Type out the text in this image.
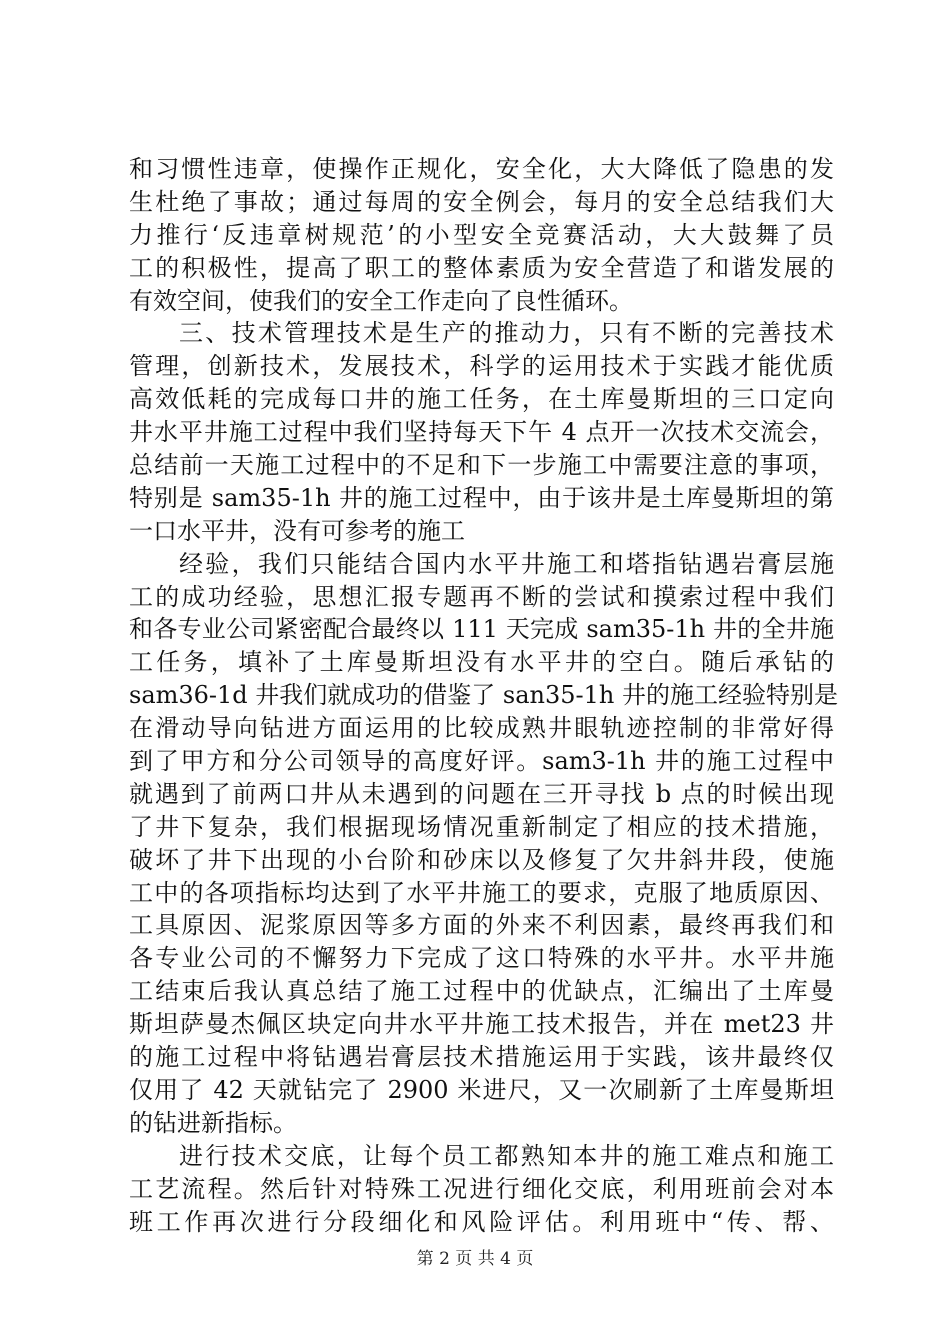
和习惯性违章，使操作正规化，安全化，大大降低了隐患的发
生杜绝了事故；通过每周的安全例会，每月的安全总结我们大
力推行‘反违章树规范’的小型安全竞赛活动，大大鼓舞了员
工的积极性，提高了职工的整体素质为安全营造了和谐发展的
有效空间，使我们的安全工作走向了良性循环。
三、技术管理技术是生产的推动力，只有不断的完善技术
管理，创新技术，发展技术，科学的运用技术于实践才能优质
高效低耗的完成每口井的施工任务，在土库曼斯坦的三口定向
井水平井施工过程中我们坚持每天下午 4 点开一次技术交流会，
总结前一天施工过程中的不足和下一步施工中需要注意的事项，
特别是 sam35-1h 井的施工过程中，由于该井是土库曼斯坦的第
一口水平井，没有可参考的施工
经验，我们只能结合国内水平井施工和塔指钻遇岩膏层施
工的成功经验，思想汇报专题再不断的尝试和摸索过程中我们
和各专业公司紧密配合最终以 111 天完成 sam35-1h 井的全井施
工任务，填补了土库曼斯坦没有水平井的空白。随后承钻的
sam36-1d 井我们就成功的借鉴了 san35-1h 井的施工经验特别是
在滑动导向钻进方面运用的比较成熟井眼轨迹控制的非常好得
到了甲方和分公司领导的高度好评。sam3-1h 井的施工过程中
就遇到了前两口井从未遇到的问题在三开寻找 b 点的时候出现
了井下复杂，我们根据现场情况重新制定了相应的技术措施，
破坏了井下出现的小台阶和砂床以及修复了欠井斜井段，使施
工中的各项指标均达到了水平井施工的要求，克服了地质原因、
工具原因、泥浆原因等多方面的外来不利因素，最终再我们和
各专业公司的不懈努力下完成了这口特殊的水平井。水平井施
工结束后我认真总结了施工过程中的优缺点，汇编出了土库曼
斯坦萨曼杰佩区块定向井水平井施工技术报告，并在 met23 井
的施工过程中将钻遇岩膏层技术措施运用于实践，该井最终仅
仅用了 42 天就钻完了 2900 米进尺，又一次刷新了土库曼斯坦
的钻进新指标。
进行技术交底，让每个员工都熟知本井的施工难点和施工
工艺流程。然后针对特殊工况进行细化交底，利用班前会对本
班工作再次进行分段细化和风险评估。利用班中“传、帮、
第 2 页 共 4 页
